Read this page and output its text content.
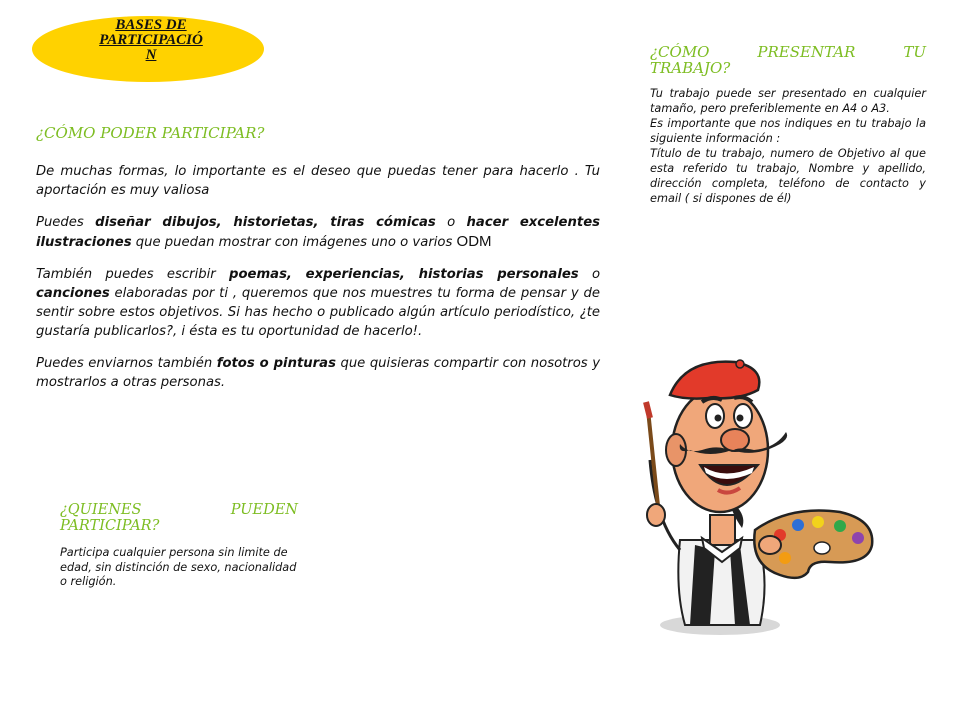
BASES DE
PARTICIPACIÓ
N
¿CÓMO PODER PARTICIPAR?

De muchas formas, lo importante es el deseo que puedas tener para hacerlo . Tu aportación es muy valiosa

Puedes diseñar dibujos, historietas, tiras cómicas o hacer excelentes ilustraciones que puedan mostrar con imágenes uno o varios ODM

También puedes escribir poemas, experiencias, historias personales o canciones elaboradas por ti , queremos que nos muestres tu forma de pensar y de sentir sobre estos objetivos. Si has hecho o publicado algún artículo periodístico, ¿te gustaría publicarlos?, i ésta es tu oportunidad de hacerlo!.

Puedes enviarnos también fotos o pinturas que quisieras compartir con nosotros y mostrarlos a otras personas.

¿CÓMO PRESENTAR TU
TRABAJO?

Tu trabajo puede ser presentado en cualquier tamaño, pero preferiblemente en A4 o A3.

Es importante que nos indiques en tu trabajo la siguiente información :

Título de tu trabajo, numero de Objetivo al que esta referido tu trabajo, Nombre y apellido, dirección completa, teléfono de contacto y email ( si dispones de él)

¿QUIENES	PUEDEN
PARTICIPAR?
Participa cualquier persona sin limite de edad, sin distinción de sexo, nacionalidad o religión.
